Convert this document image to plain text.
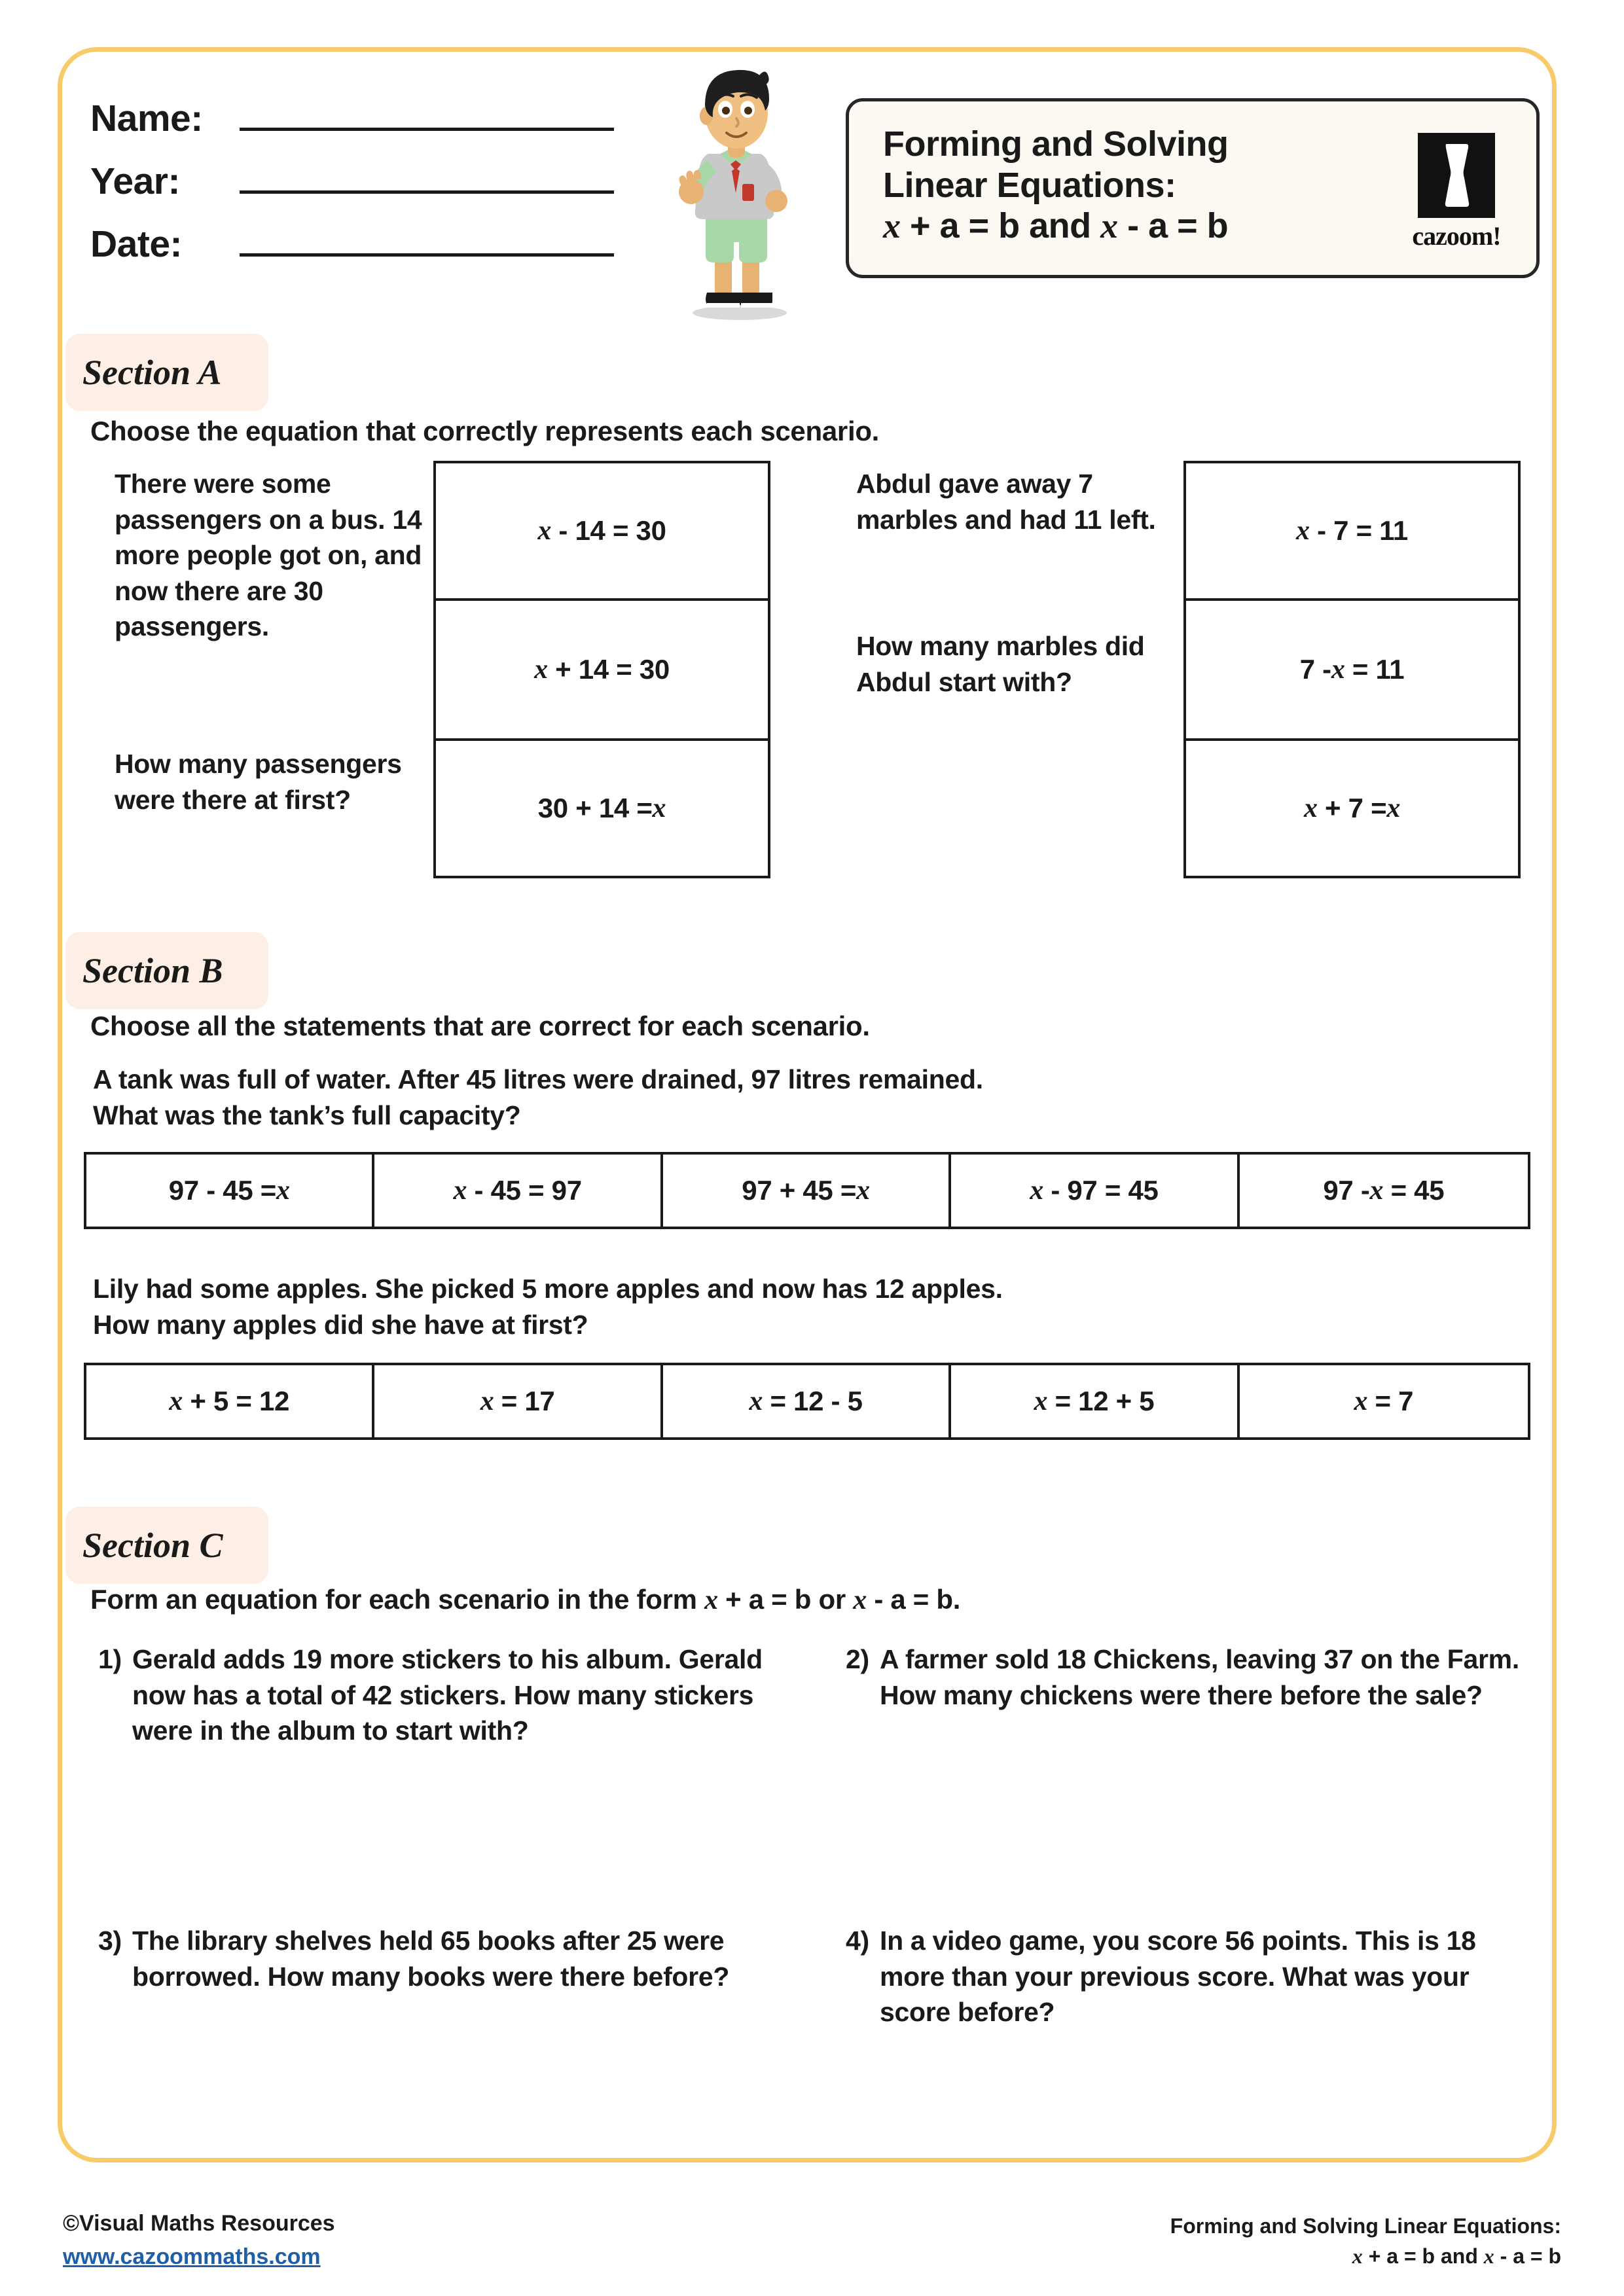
Name:
Year:
Date:
Forming and Solving
Linear Equations:
x + a = b and x - a = b	cazoom!
Section A
Choose the equation that correctly represents each scenario.
There were some passengers on a bus. 14 more people got on, and now there are 30 passengers.
How many passengers were there at first?
x - 14 = 30
x + 14 = 30
30 + 14 = x
Abdul gave away 7 marbles and had 11 left.
How many marbles did Abdul start with?
x - 7 = 11
7 - x = 11
x + 7 = x
Section B
Choose all the statements that are correct for each scenario.
A tank was full of water. After 45 litres were drained, 97 litres remained.
What was the tank’s full capacity?
97 - 45 = x	x - 45 = 97	97 + 45 = x	x - 97 = 45	97 - x = 45
Lily had some apples. She picked 5 more apples and now has 12 apples.
How many apples did she have at first?
x + 5 = 12	x = 17	x = 12 - 5	x = 12 + 5	x = 7
Section C
Form an equation for each scenario in the form x + a = b or x - a = b.
1) Gerald adds 19 more stickers to his album. Gerald now has a total of 42 stickers. How many stickers were in the album to start with?
2) A farmer sold 18 Chickens, leaving 37 on the Farm. How many chickens were there before the sale?
3) The library shelves held 65 books after 25 were borrowed. How many books were there before?
4) In a video game, you score 56 points. This is 18 more than your previous score. What was your score before?
©Visual Maths Resources
www.cazoommaths.com
Forming and Solving Linear Equations:
x + a = b and x - a = b
